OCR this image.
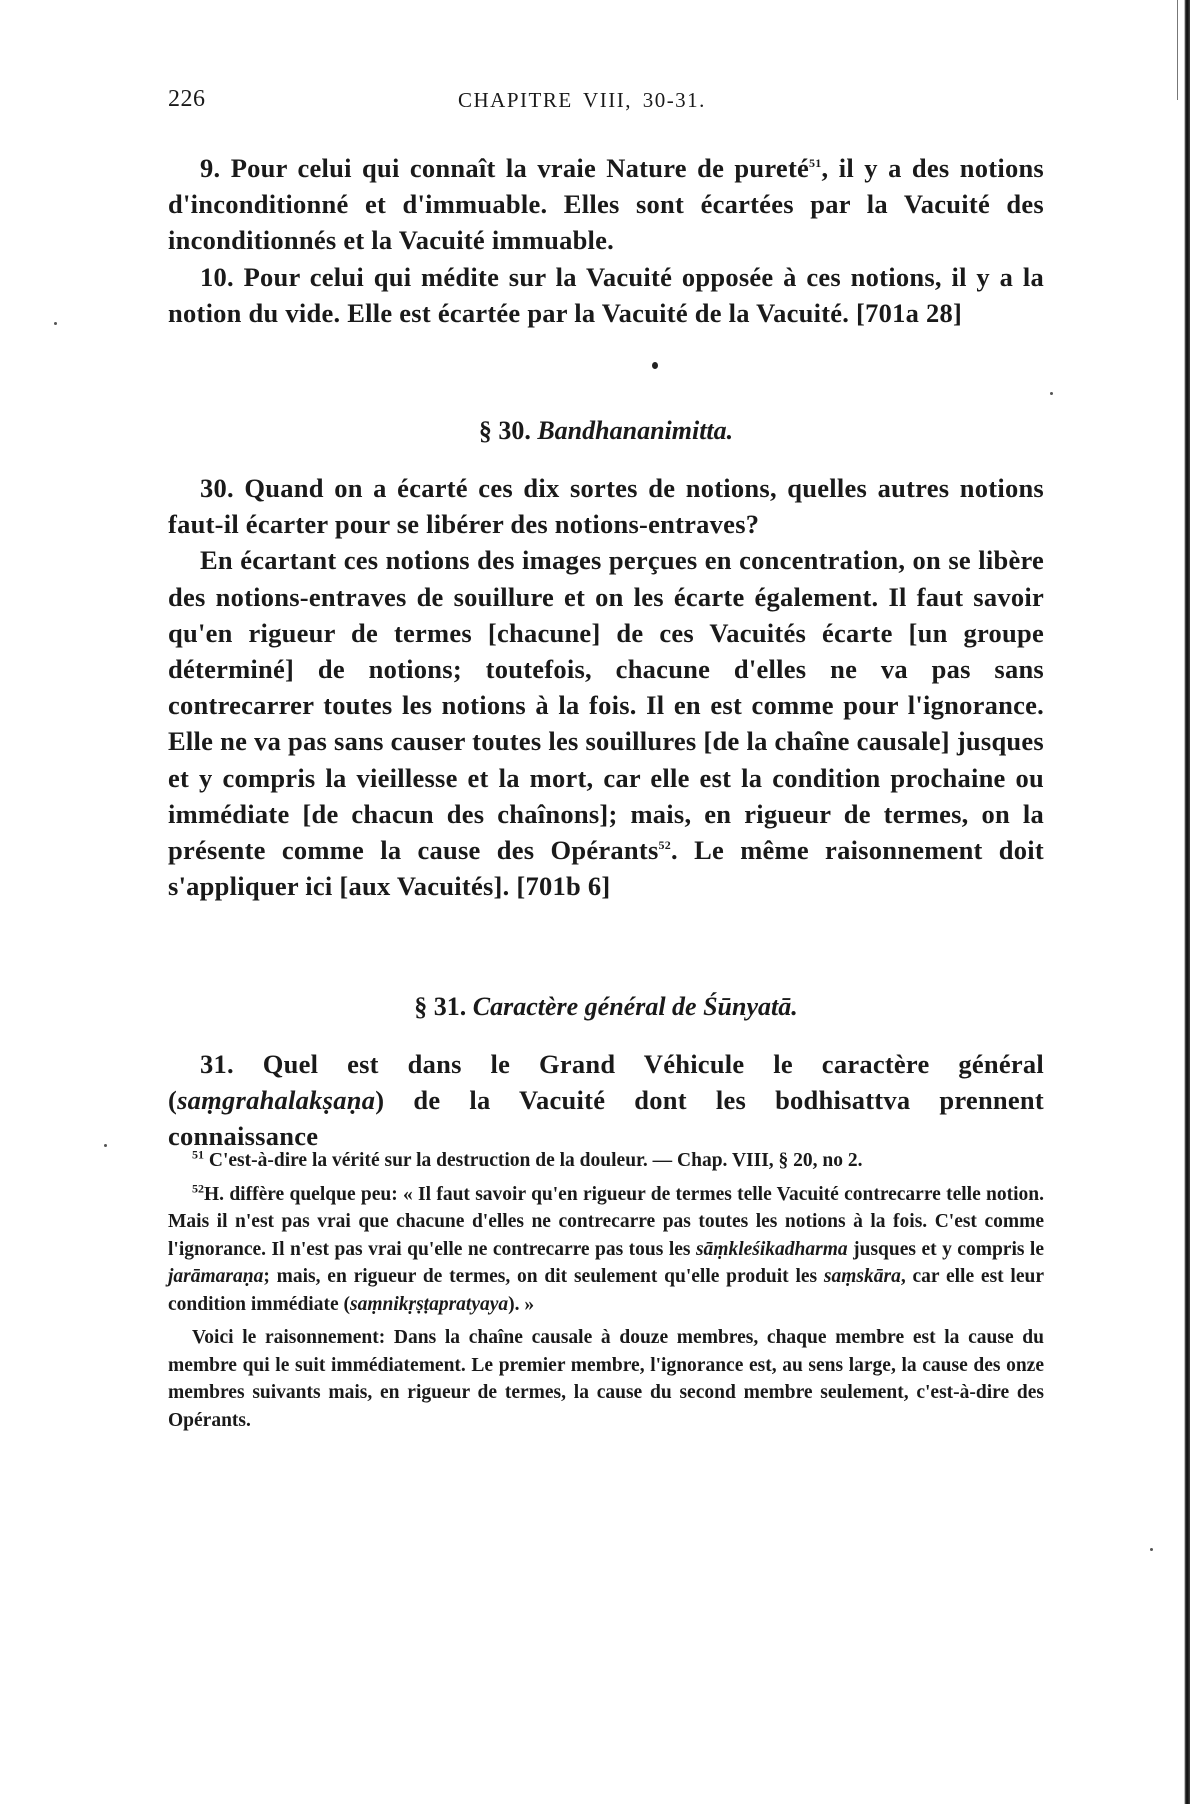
226	CHAPITRE VIII, 30-31.

9. Pour celui qui connaît la vraie Nature de pureté$^{51}$, il y a des notions d'inconditionné et d'immuable. Elles sont écartées par la Vacuité des inconditionnés et la Vacuité immuable.

10. Pour celui qui médite sur la Vacuité opposée à ces notions, il y a la notion du vide. Elle est écartée par la Vacuité de la Vacuité. [701a 28]

§ 30. Bandhananimitta.

30. Quand on a écarté ces dix sortes de notions, quelles autres notions faut-il écarter pour se libérer des notions-entraves?

En écartant ces notions des images perçues en concentration, on se libère des notions-entraves de souillure et on les écarte également. Il faut savoir qu'en rigueur de termes [chacune] de ces Vacuités écarte [un groupe déterminé] de notions; toutefois, chacune d'elles ne va pas sans contrecarrer toutes les notions à la fois. Il en est comme pour l'ignorance. Elle ne va pas sans causer toutes les souillures [de la chaîne causale] jusques et y compris la vieillesse et la mort, car elle est la condition prochaine ou immédiate [de chacun des chaînons]; mais, en rigueur de termes, on la présente comme la cause des Opérants$^{52}$. Le même raisonnement doit s'appliquer ici [aux Vacuités]. [701b 6]

§ 31. Caractère général de Śūnyatā.

31. Quel est dans le Grand Véhicule le caractère général (saṃgrahalakṣaṇa) de la Vacuité dont les bodhisattva prennent connaissance

$^{51}$ C'est-à-dire la vérité sur la destruction de la douleur. — Chap. VIII, § 20, no 2.

$^{52}$H. diffère quelque peu: « Il faut savoir qu'en rigueur de termes telle Vacuité contrecarre telle notion. Mais il n'est pas vrai que chacune d'elles ne contrecarre pas toutes les notions à la fois. C'est comme l'ignorance. Il n'est pas vrai qu'elle ne contrecarre pas tous les sāṃkleśikadharma jusques et y compris le jarāmaraṇa; mais, en rigueur de termes, on dit seulement qu'elle produit les saṃskāra, car elle est leur condition immédiate (saṃnikṛṣṭapratyaya). »

Voici le raisonnement: Dans la chaîne causale à douze membres, chaque membre est la cause du membre qui le suit immédiatement. Le premier membre, l'ignorance est, au sens large, la cause des onze membres suivants mais, en rigueur de termes, la cause du second membre seulement, c'est-à-dire des Opérants.
